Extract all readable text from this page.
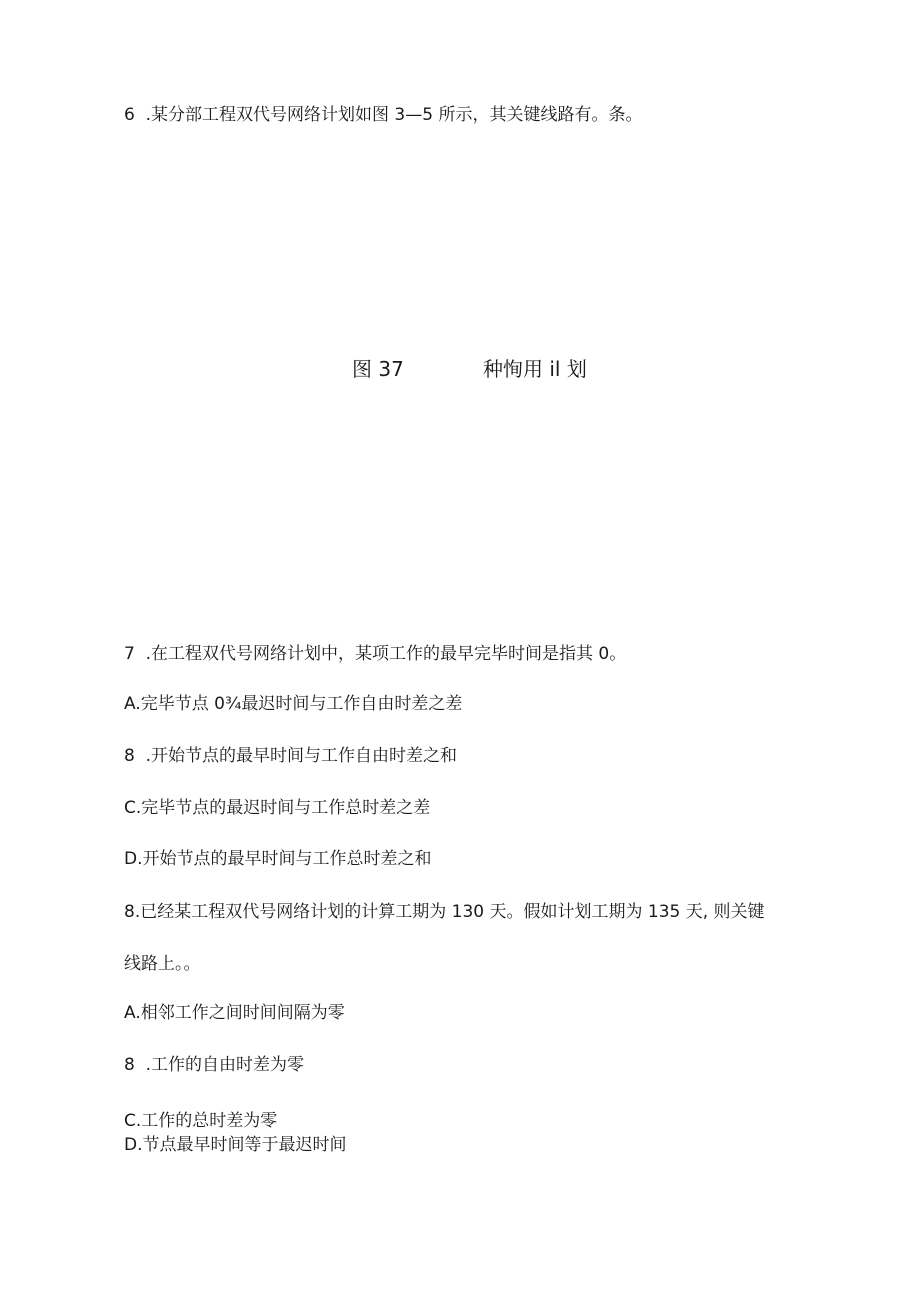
6  .某分部工程双代号网络计划如图 3—5 所示，其关键线路有。条。
图 37	种恂用 il 划
7  .在工程双代号网络计划中，某项工作的最早完毕时间是指其 0。
A.完毕节点 0¾最迟时间与工作自由时差之差
8  .开始节点的最早时间与工作自由时差之和
C.完毕节点的最迟时间与工作总时差之差
D.开始节点的最早时间与工作总时差之和
8.已经某工程双代号网络计划的计算工期为 130 天。假如计划工期为 135 天, 则关键
线路上。。
A.相邻工作之间时间间隔为零
8  .工作的自由时差为零
C.工作的总时差为零
D.节点最早时间等于最迟时间
